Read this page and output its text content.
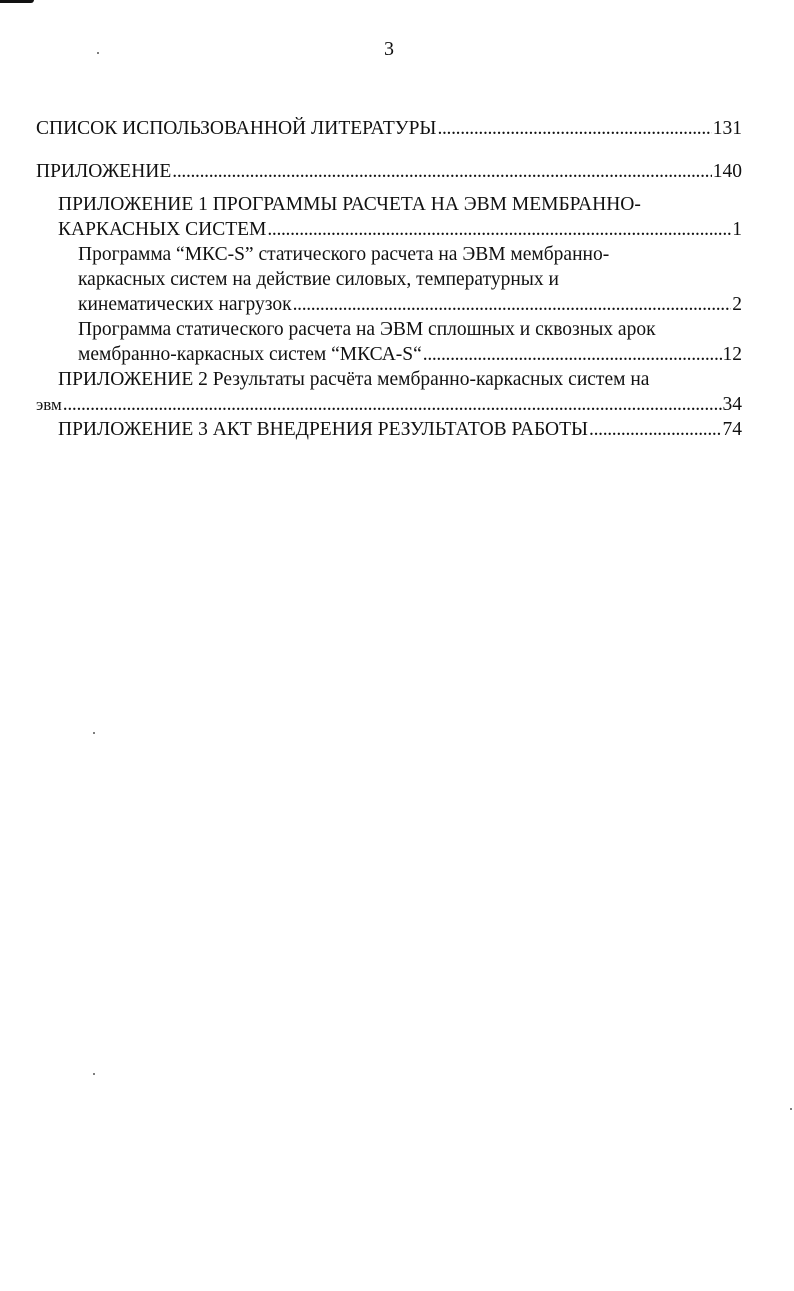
3
СПИСОК ИСПОЛЬЗОВАННОЙ ЛИТЕРАТУРЫ . . .	131
ПРИЛОЖЕНИЕ . . .	140
ПРИЛОЖЕНИЕ 1 ПРОГРАММЫ РАСЧЕТА НА ЭВМ МЕМБРАННО-
КАРКАСНЫХ СИСТЕМ . . .	1
Программа “МКС-S” статического расчета на ЭВМ мембранно-
каркасных систем на действие силовых, температурных и
кинематических нагрузок . . .	2
Программа статического расчета на ЭВМ сплошных и сквозных арок
мембранно-каркасных систем “МКСА-S“ . . .	12
ПРИЛОЖЕНИЕ 2 Результаты расчёта мембранно-каркасных систем на
эвм . . .	34
ПРИЛОЖЕНИЕ 3 АКТ ВНЕДРЕНИЯ РЕЗУЛЬТАТОВ РАБОТЫ . . .	74
